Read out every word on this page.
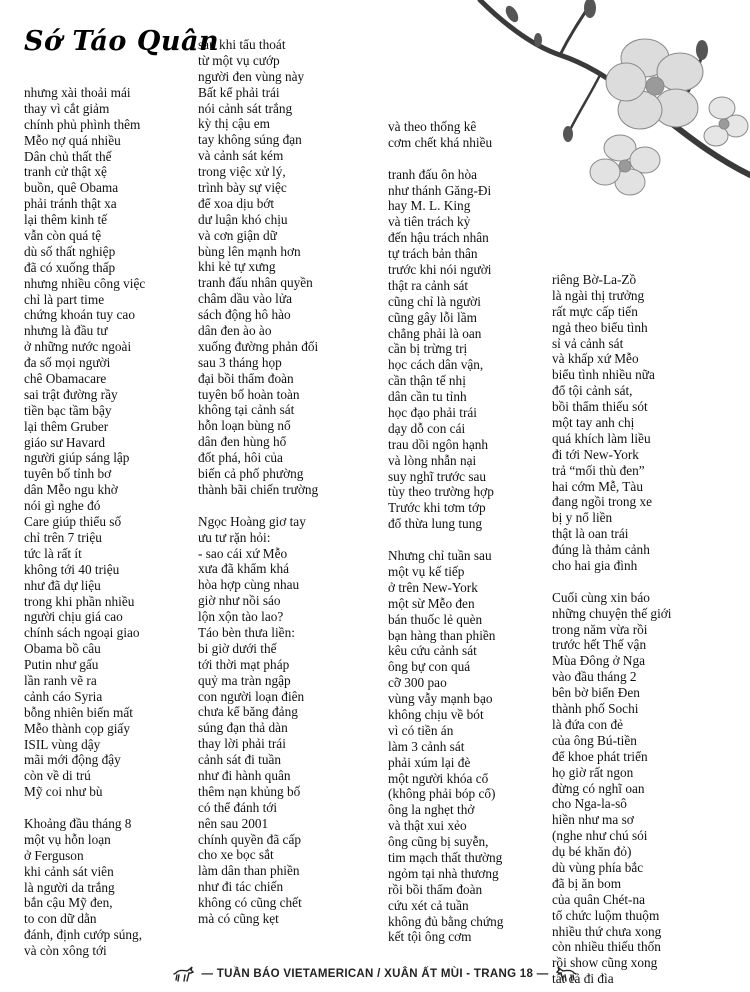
Sớ Táo Quân
nhưng xài thoải mái
thay vì cắt giảm
chính phủ phình thêm
Mễo nợ quá nhiều
Dân chủ thất thế
tranh cử thật xệ
buồn, quê Obama
phải tránh thật xa
lại thêm kinh tế
vẫn còn quá tệ
dù số thất nghiệp
đã có xuống thấp
nhưng nhiều công việc
chỉ là part time
chứng khoán tuy cao
nhưng là đầu tư
ở những nước ngoài
đa số mọi người
chê Obamacare
sai trật đường rầy
tiền bạc tầm bậy
lại thêm Gruber
giáo sư Havard
người giúp sáng lập
tuyên bố tỉnh bơ
dân Mễo ngu khờ
nói gì nghe đó
Care giúp thiểu số
chỉ trên 7 triệu
tức là rất ít
không tới 40 triệu
như đã dự liệu
trong khi phần nhiều
người chịu giá cao
chính sách ngoại giao
Obama bồ câu
Putin như gấu
lần ranh vẽ ra
cảnh cáo Syria
bỗng nhiên biến mất
Mễo thành cọp giấy
ISIL vùng dậy
mãi mới động đậy
còn về di trú
Mỹ coi như bù
Khoảng đầu tháng 8
một vụ hỗn loạn
ở Ferguson
khi cảnh sát viên
là người da trắng
bắn cậu Mỹ đen,
to con dữ dằn
đánh, định cướp súng,
và còn xông tới
sau khi tẩu thoát
từ một vụ cướp
người đen vùng này
Bất kể phải trái
nói cảnh sát trắng
kỳ thị cậu em
tay không súng đạn
và cảnh sát kém
trong việc xử lý,
trình bày sự việc
để xoa dịu bớt
dư luận khó chịu
và cơn giận dữ
bùng lên mạnh hơn
khi kẻ tự xưng
tranh đấu nhân quyền
châm dầu vào lửa
sách động hô hào
dân đen ào ào
xuống đường phản đối
sau 3 tháng họp
đại bồi thẩm đoàn
tuyên bố hoàn toàn
không tại cảnh sát
hỗn loạn bùng nổ
dân đen hùng hổ
đốt phá, hôi của
biến cả phố phường
thành bãi chiến trường
Ngọc Hoàng giơ tay
ưu tư rặn hỏi:
- sao cái xứ Mễo
xưa đã khẩm khá
hòa hợp cùng nhau
giờ như nồi sáo
lộn xộn tào lao?
Táo bèn thưa liền:
bi giờ dưới thế
tới thời mạt pháp
quỷ ma tràn ngập
con người loạn điên
chưa kể băng đảng
súng đạn thả dàn
thay lời phải trái
cảnh sát đi tuần
như đi hành quân
thêm nạn khủng bố
có thể đánh tới
nên sau 2001
chính quyền đã cấp
cho xe bọc sắt
làm dân than phiền
như đi tác chiến
không có cũng chết
mà có cũng kẹt
và theo thống kê
cơm chết khá nhiều
tranh đấu ôn hòa
như thánh Găng-Đi
hay M. L. King
và tiên trách kỷ
đến hậu trách nhân
tự trách bản thân
trước khi nói người
thật ra cảnh sát
cũng chỉ là người
cũng gây lỗi lầm
chẳng phải là oan
cần bị trừng trị
học cách dân vận,
cần thận tế nhị
dân cần tu tỉnh
học đạo phải trái
dạy dỗ con cái
trau dồi ngôn hạnh
và lòng nhẫn nại
suy nghĩ trước sau
tùy theo trường hợp
Trước khi tơm tớp
đổ thừa lung tung
Nhưng chỉ tuần sau
một vụ kế tiếp
ở trên New-York
một sừ Mễo đen
bán thuốc lẻ quèn
bạn hàng than phiền
kêu cứu cảnh sát
ông bự con quá
cỡ 300 pao
vùng vẫy mạnh bạo
không chịu về bót
vì có tiền án
làm 3 cảnh sát
phải xúm lại đè
một người khóa cổ
(không phải bóp cổ)
ông la nghẹt thở
và thật xui xẻo
ông cũng bị suyễn,
tim mạch thất thường
ngỏm tại nhà thương
rồi bồi thẩm đoàn
cứu xét cả tuần
không đủ bằng chứng
kết tội ông cơm
riêng Bờ-La-Zồ
là ngài thị trưởng
rất mực cấp tiến
ngả theo biểu tình
sỉ vả cảnh sát
và khấp xứ Mễo
biểu tình nhiều nữa
đổ tội cảnh sát,
bồi thẩm thiếu sót
một tay anh chị
quá khích làm liều
đi tới New-York
trả “mối thù đen”
hai cớm Mễ, Tàu
đang ngồi trong xe
bị y nổ liền
thật là oan trái
đúng là thảm cảnh
cho hai gia đình
Cuối cùng xin báo
những chuyện thế giới
trong năm vừa rồi
trước hết Thế vận
Mùa Đông ở Nga
vào đầu tháng 2
bên bờ biển Đen
thành phố Sochi
là đứa con đẻ
của ông Bú-tiền
để khoe phát triển
họ giờ rất ngon
đừng có nghĩ oan
cho Nga-la-sô
hiền như ma sơ
(nghe như chú sói
dụ bé khăn đỏ)
dù vùng phía bắc
đã bị ăn bom
của quân Chét-na
tổ chức luộm thuộm
nhiều thứ chưa xong
còn nhiều thiếu thốn
rồi show cũng xong
tất cả đi đìa
— TUẦN BÁO VIETAMERICAN / XUÂN ẤT MÙI - TRANG 18 —
